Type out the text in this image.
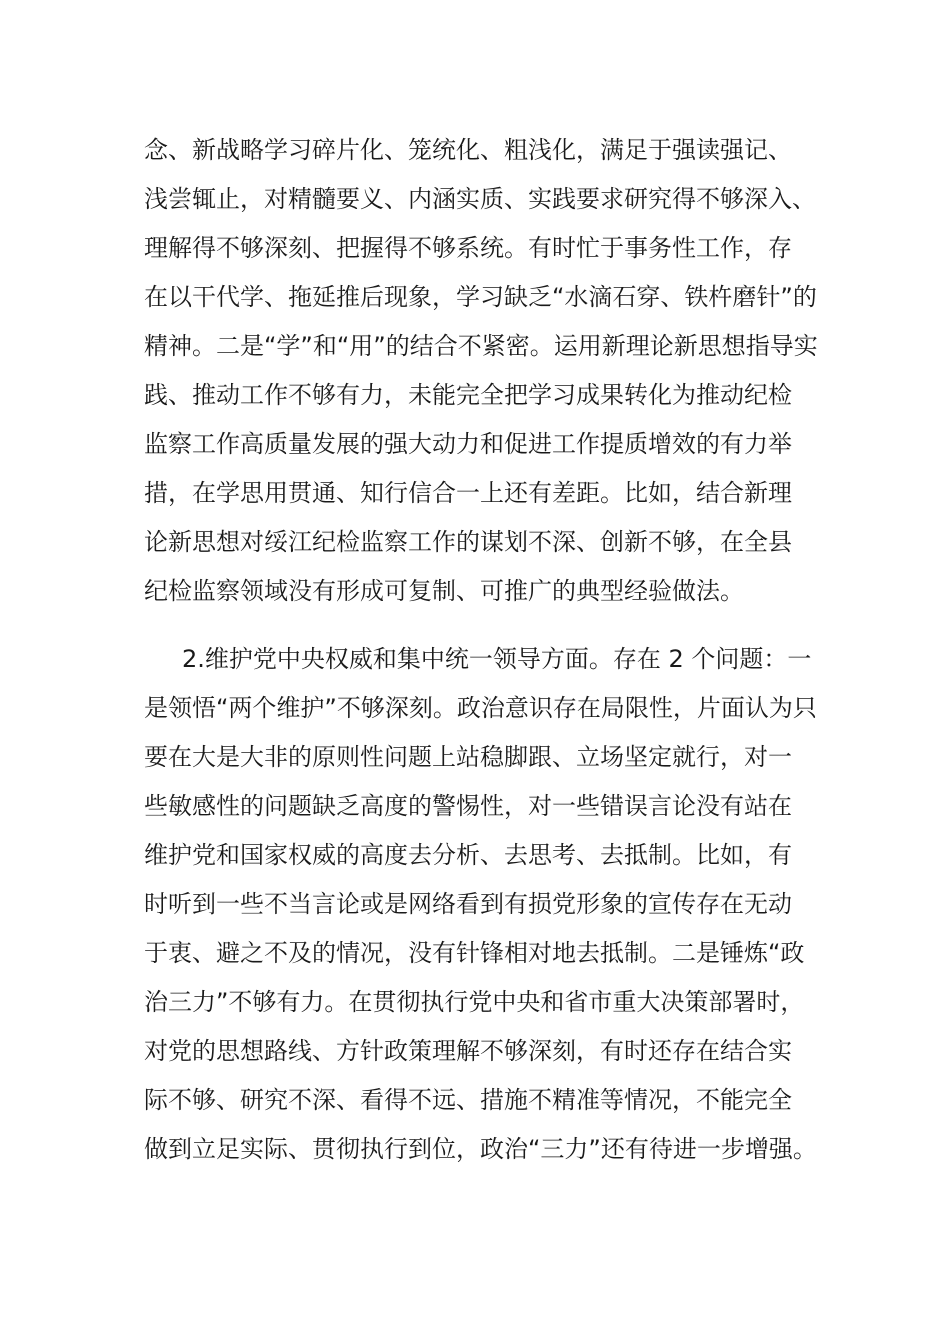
念、新战略学习碎片化、笼统化、粗浅化，满足于强读强记、
浅尝辄止，对精髓要义、内涵实质、实践要求研究得不够深入、
理解得不够深刻、把握得不够系统。有时忙于事务性工作，存
在以干代学、拖延推后现象，学习缺乏“水滴石穿、铁杵磨针”的
精神。二是“学”和“用”的结合不紧密。运用新理论新思想指导实
践、推动工作不够有力，未能完全把学习成果转化为推动纪检
监察工作高质量发展的强大动力和促进工作提质增效的有力举
措，在学思用贯通、知行信合一上还有差距。比如，结合新理
论新思想对绥江纪检监察工作的谋划不深、创新不够，在全县
纪检监察领域没有形成可复制、可推广的典型经验做法。
2.维护党中央权威和集中统一领导方面。存在 2 个问题：一
是领悟“两个维护”不够深刻。政治意识存在局限性，片面认为只
要在大是大非的原则性问题上站稳脚跟、立场坚定就行，对一
些敏感性的问题缺乏高度的警惕性，对一些错误言论没有站在
维护党和国家权威的高度去分析、去思考、去抵制。比如，有
时听到一些不当言论或是网络看到有损党形象的宣传存在无动
于衷、避之不及的情况，没有针锋相对地去抵制。二是锤炼“政
治三力”不够有力。在贯彻执行党中央和省市重大决策部署时，
对党的思想路线、方针政策理解不够深刻，有时还存在结合实
际不够、研究不深、看得不远、措施不精准等情况，不能完全
做到立足实际、贯彻执行到位，政治“三力”还有待进一步增强。
